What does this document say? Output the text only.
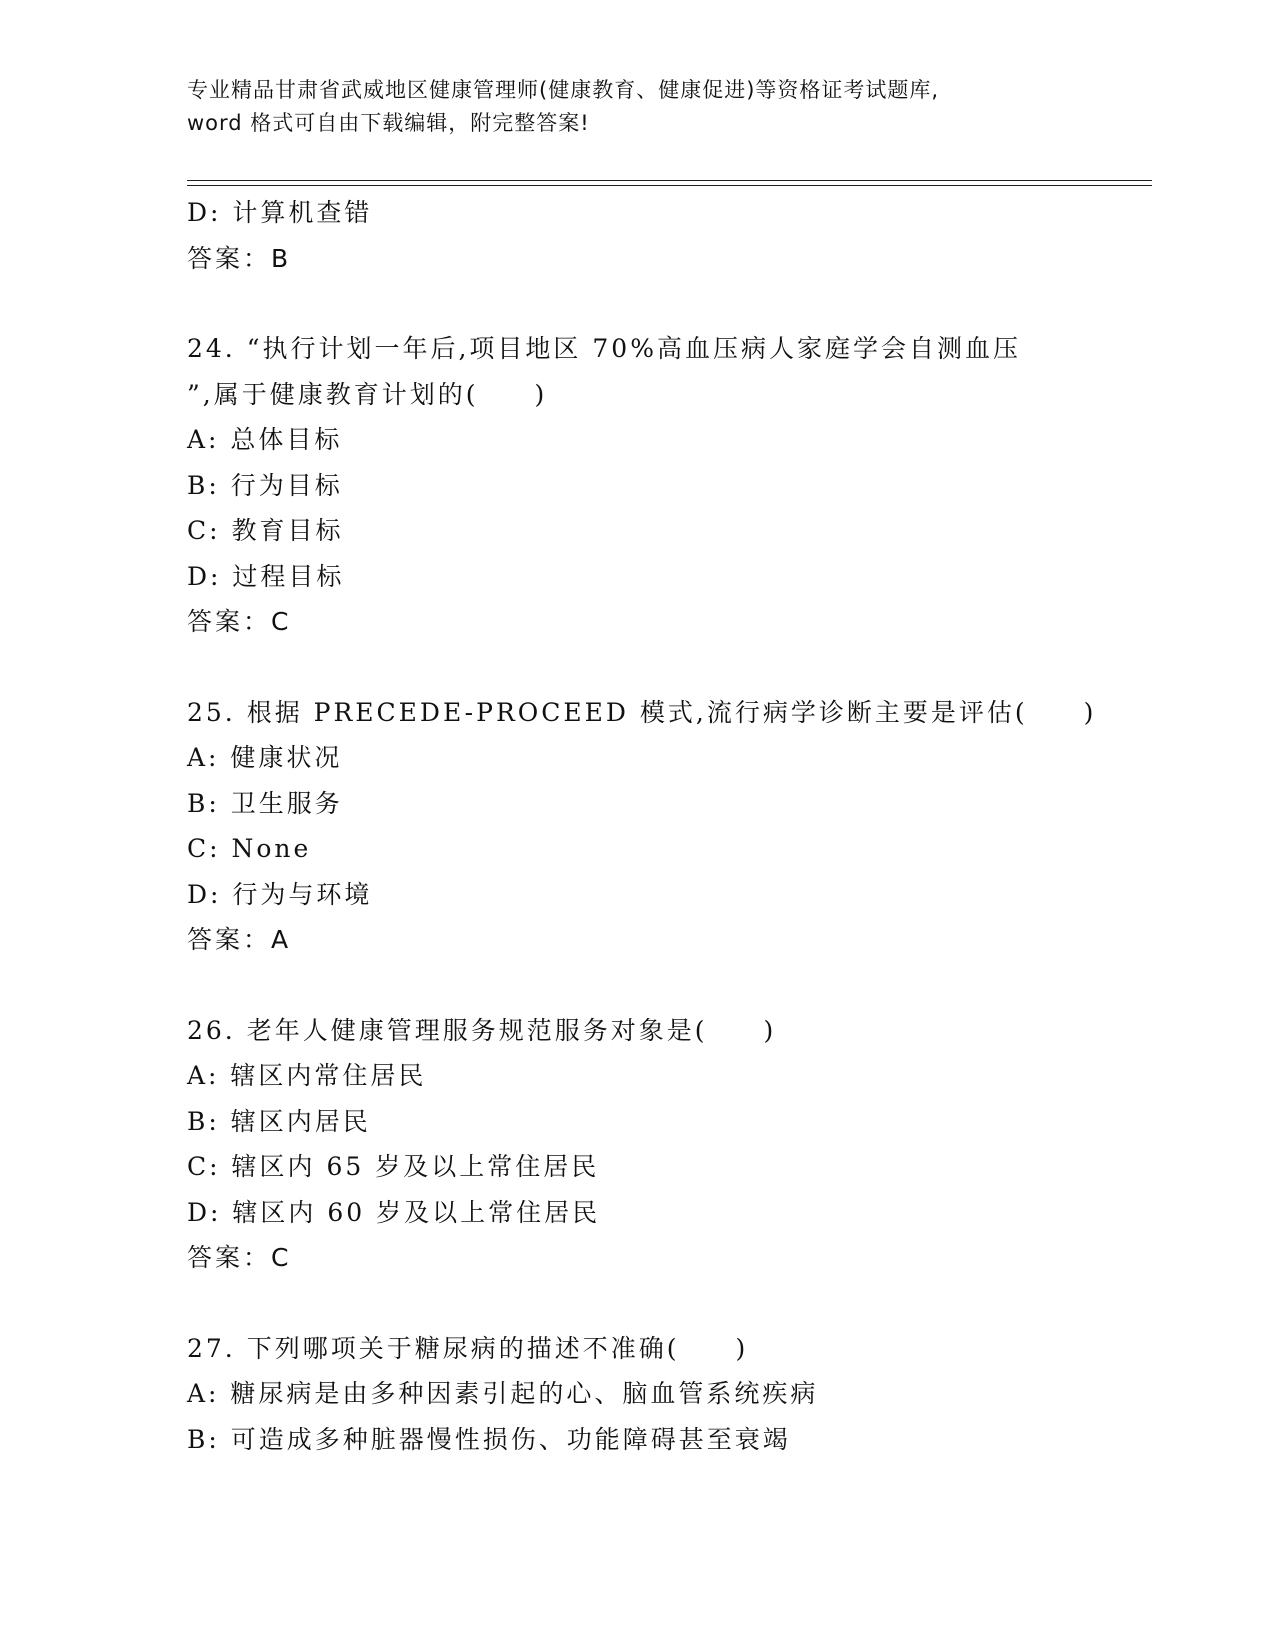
专业精品甘肃省武威地区健康管理师(健康教育、健康促进)等资格证考试题库,
word 格式可自由下载编辑，附完整答案!
D: 计算机查错
答案：B
24. “执行计划一年后,项目地区 70%高血压病人家庭学会自测血压
”,属于健康教育计划的(　　)
A: 总体目标
B: 行为目标
C: 教育目标
D: 过程目标
答案：C
25. 根据 PRECEDE-PROCEED 模式,流行病学诊断主要是评估(　　)
A: 健康状况
B: 卫生服务
C: None
D: 行为与环境
答案：A
26. 老年人健康管理服务规范服务对象是(　　)
A: 辖区内常住居民
B: 辖区内居民
C: 辖区内 65 岁及以上常住居民
D: 辖区内 60 岁及以上常住居民
答案：C
27. 下列哪项关于糖尿病的描述不准确(　　)
A: 糖尿病是由多种因素引起的心、脑血管系统疾病
B: 可造成多种脏器慢性损伤、功能障碍甚至衰竭
